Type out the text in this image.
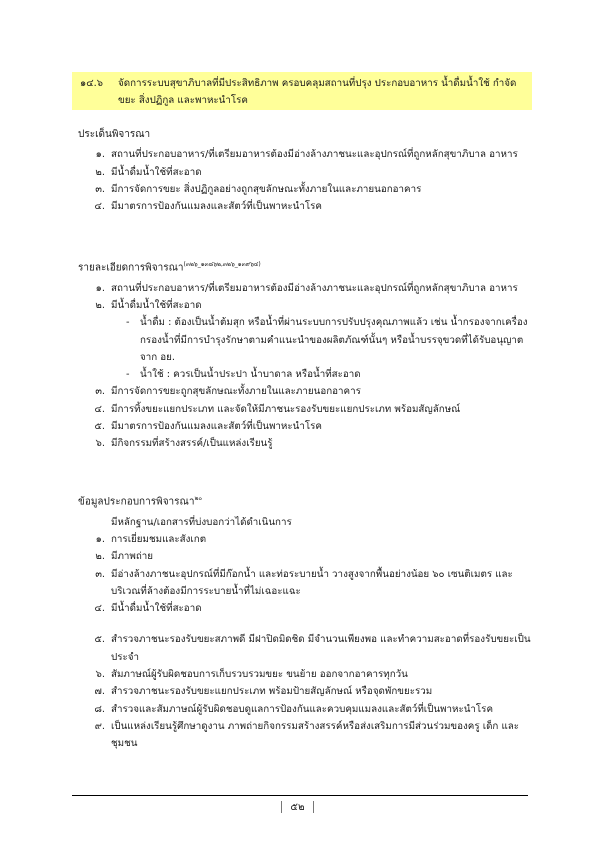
๑๔.๖	จัดการระบบสุขาภิบาลที่มีประสิทธิภาพ ครอบคลุมสถานที่ปรุง ประกอบอาหาร น้ำดื่มน้ำใช้ กำจัดขยะ สิ่งปฏิกูล และพาหะนำโรค
ประเด็นพิจารณา
๑. สถานที่ประกอบอาหาร/ที่เตรียมอาหารต้องมีอ่างล้างภาชนะและอุปกรณ์ที่ถูกหลักสุขาภิบาล อาหาร
๒. มีน้ำดื่มน้ำใช้ที่สะอาด
๓. มีการจัดการขยะ สิ่งปฏิกูลอย่างถูกสุขลักษณะทั้งภายในและภายนอกอาคาร
๔. มีมาตรการป้องกันแมลงและสัตว์ที่เป็นพาหะนำโรค
รายละเอียดการพิจารณา$^{(๓๒๖\_๑๓๘๖๒,๓๒๖\_๑๓๙๖๔)}$
๑. สถานที่ประกอบอาหาร/ที่เตรียมอาหารต้องมีอ่างล้างภาชนะและอุปกรณ์ที่ถูกหลักสุขาภิบาล อาหาร
๒. มีน้ำดื่มน้ำใช้ที่สะอาด
-	น้ำดื่ม : ต้องเป็นน้ำต้มสุก หรือน้ำที่ผ่านระบบการปรับปรุงคุณภาพแล้ว เช่น น้ำกรองจากเครื่องกรองน้ำที่มีการบำรุงรักษาตามคำแนะนำของผลิตภัณฑ์นั้นๆ หรือน้ำบรรจุขวดที่ได้รับอนุญาตจาก อย.
-	น้ำใช้ : ควรเป็นน้ำประปา น้ำบาดาล หรือน้ำที่สะอาด
๓. มีการจัดการขยะถูกสุขลักษณะทั้งภายในและภายนอกอาคาร
๔. มีการทิ้งขยะแยกประเภท และจัดให้มีภาชนะรองรับขยะแยกประเภท พร้อมสัญลักษณ์
๕. มีมาตรการป้องกันแมลงและสัตว์ที่เป็นพาหะนำโรค
๖. มีกิจกรรมที่สร้างสรรค์/เป็นแหล่งเรียนรู้
ข้อมูลประกอบการพิจารณา$^{๒๐}$
มีหลักฐาน/เอกสารที่บ่งบอกว่าได้ดำเนินการ
๑. การเยี่ยมชมและสังเกต
๒. มีภาพถ่าย
๓. มีอ่างล้างภาชนะอุปกรณ์ที่มีก๊อกน้ำ และท่อระบายน้ำ วางสูงจากพื้นอย่างน้อย ๖๐ เซนติเมตร และบริเวณที่ล้างต้องมีการระบายน้ำที่ไม่เฉอะแฉะ
๔. มีน้ำดื่มน้ำใช้ที่สะอาด
๕. สำรวจภาชนะรองรับขยะสภาพดี มีฝาปิดมิดชิด มีจำนวนเพียงพอ และทำความสะอาดที่รองรับขยะเป็นประจำ
๖. สัมภาษณ์ผู้รับผิดชอบการเก็บรวบรวมขยะ ขนย้าย ออกจากอาคารทุกวัน
๗. สำรวจภาชนะรองรับขยะแยกประเภท พร้อมป้ายสัญลักษณ์ หรือจุดพักขยะรวม
๘. สำรวจและสัมภาษณ์ผู้รับผิดชอบดูแลการป้องกันและควบคุมแมลงและสัตว์ที่เป็นพาหะนำโรค
๙. เป็นแหล่งเรียนรู้ศึกษาดูงาน ภาพถ่ายกิจกรรมสร้างสรรค์หรือส่งเสริมการมีส่วนร่วมของครู เด็ก และชุมชน
๕๒
